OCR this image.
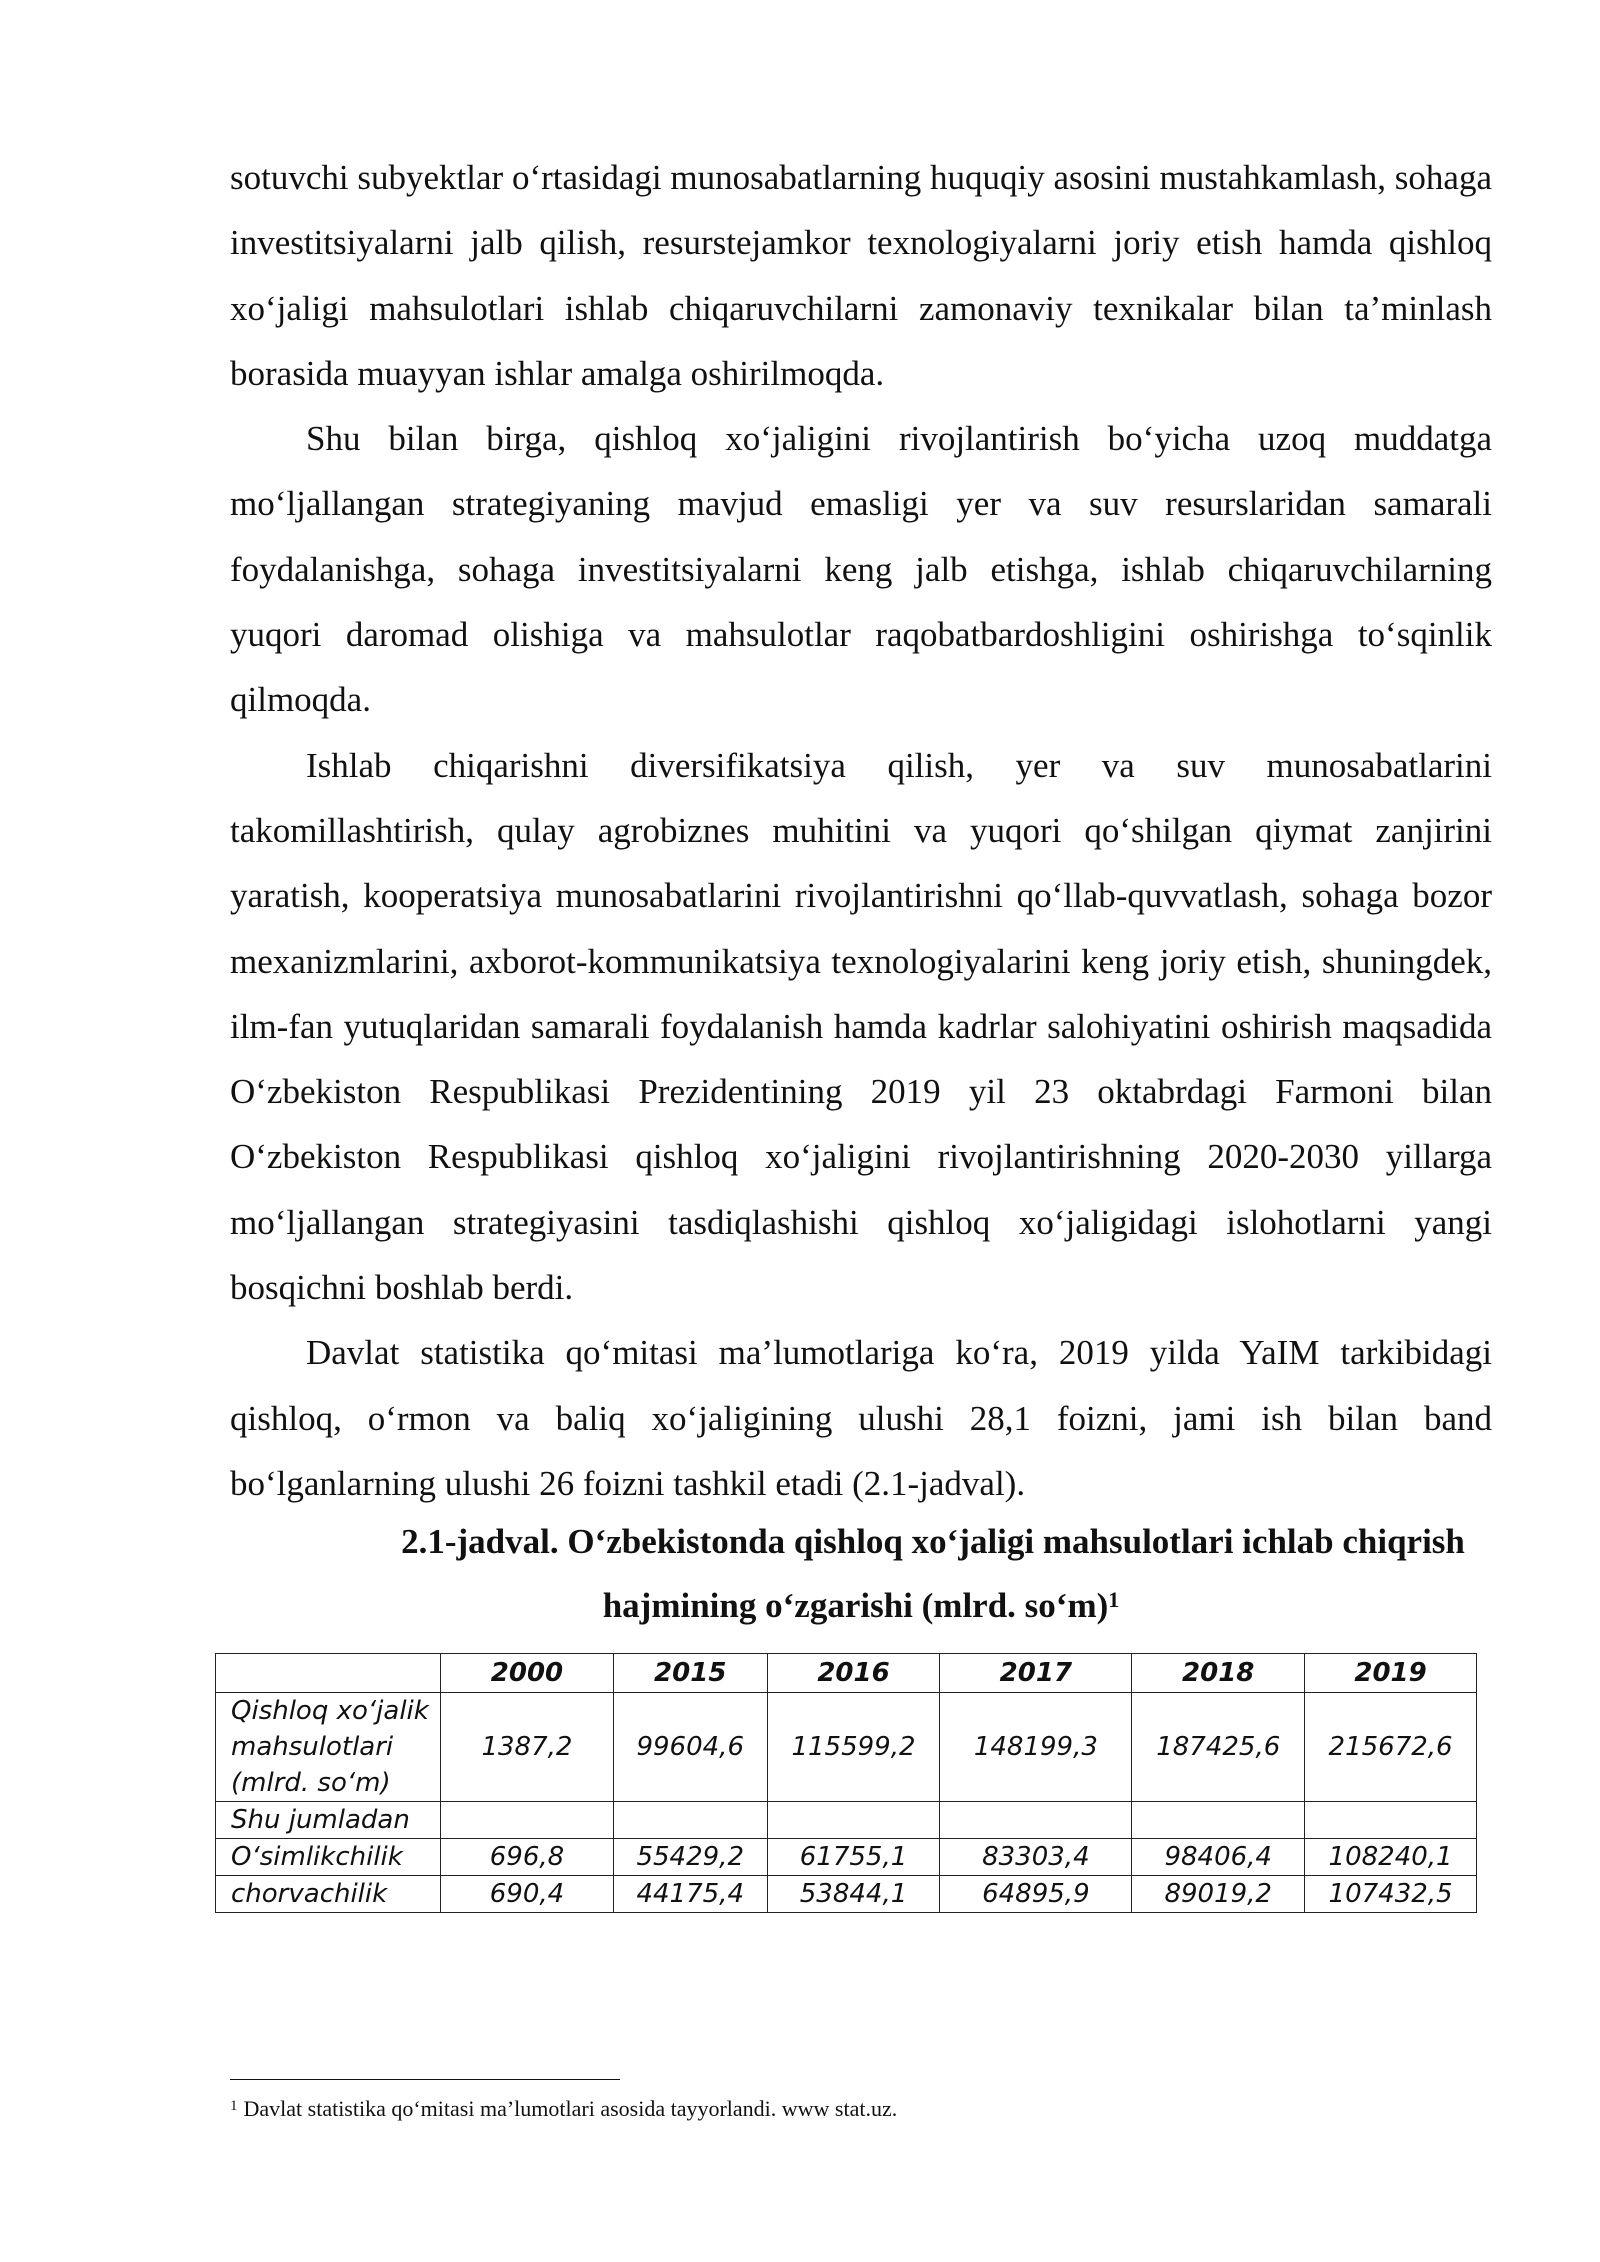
sotuvchi subyektlar o‘rtasidagi munosabatlarning huquqiy asosini mustahkamlash, sohaga investitsiyalarni jalb qilish, resurstejamkor texnologiyalarni joriy etish hamda qishloq xo‘jaligi mahsulotlari ishlab chiqaruvchilarni zamonaviy texnikalar bilan ta’minlash borasida muayyan ishlar amalga oshirilmoqda.

Shu bilan birga, qishloq xo‘jaligini rivojlantirish bo‘yicha uzoq muddatga mo‘ljallangan strategiyaning mavjud emasligi yer va suv resurslaridan samarali foydalanishga, sohaga investitsiyalarni keng jalb etishga, ishlab chiqaruvchilarning yuqori daromad olishiga va mahsulotlar raqobatbardoshligini oshirishga to‘sqinlik qilmoqda.

Ishlab chiqarishni diversifikatsiya qilish, yer va suv munosabatlarini takomillashtirish, qulay agrobiznes muhitini va yuqori qo‘shilgan qiymat zanjirini yaratish, kooperatsiya munosabatlarini rivojlantirishni qo‘llab-quvvatlash, sohaga bozor mexanizmlarini, axborot-kommunikatsiya texnologiyalarini keng joriy etish, shuningdek, ilm-fan yutuqlaridan samarali foydalanish hamda kadrlar salohiyatini oshirish maqsadida O‘zbekiston Respublikasi Prezidentining 2019 yil 23 oktabrdagi Farmoni bilan O‘zbekiston Respublikasi qishloq xo‘jaligini rivojlantirishning 2020-2030 yillarga mo‘ljallangan strategiyasini tasdiqlashishi qishloq xo‘jaligidagi islohotlarni yangi bosqichni boshlab berdi.

Davlat statistika qo‘mitasi ma’lumotlariga ko‘ra, 2019 yilda YaIM tarkibidagi qishloq, o‘rmon va baliq xo‘jaligining ulushi 28,1 foizni, jami ish bilan band bo‘lganlarning ulushi 26 foizni tashkil etadi (2.1-jadval).

2.1-jadval. O‘zbekistonda qishloq xo‘jaligi mahsulotlari ichlab chiqrish
hajmining o‘zgarishi (mlrd. so‘m)$^1$
	2000	2015	2016	2017	2018	2019

Qishloq xo‘jalik
mahsulotlari
(mlrd. so‘m)	1387,2	99604,6	115599,2	148199,3	187425,6	215672,6
Shu jumladan						
O‘simlikchilik	696,8	55429,2	61755,1	83303,4	98406,4	108240,1
chorvachilik	690,4	44175,4	53844,1	64895,9	89019,2	107432,5
$^1$ Davlat statistika qo‘mitasi ma’lumotlari asosida tayyorlandi. www stat.uz.
